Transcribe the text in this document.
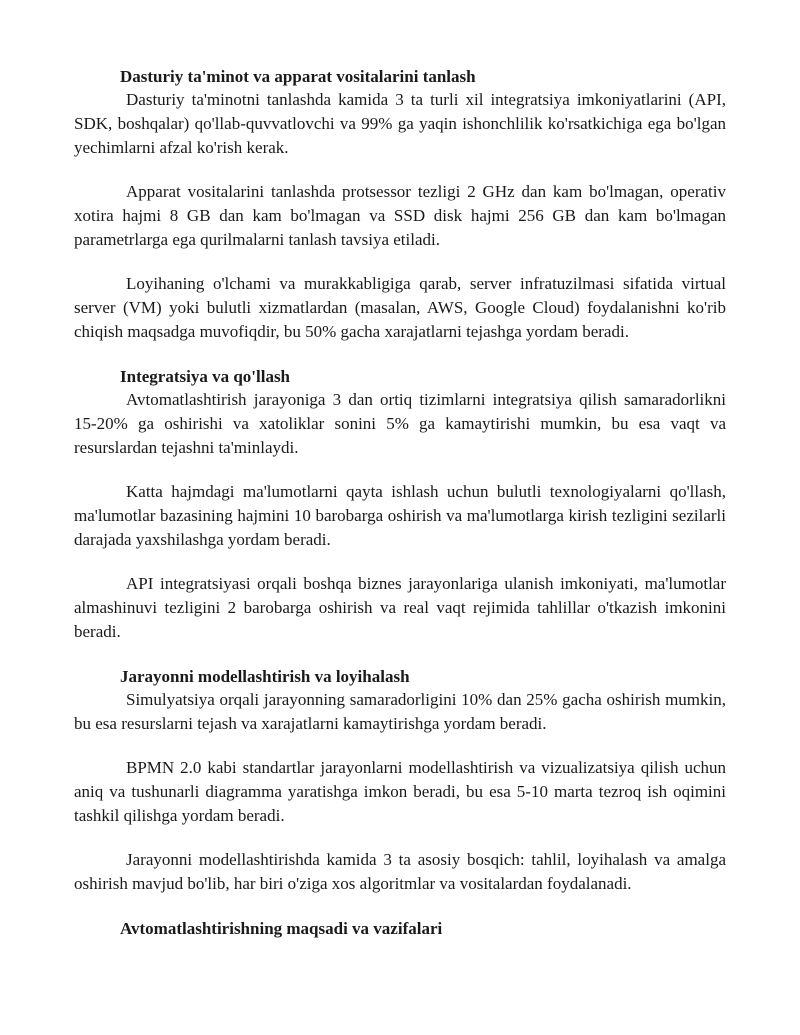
Dasturiy ta'minot va apparat vositalarini tanlash

Dasturiy ta'minotni tanlashda kamida 3 ta turli xil integratsiya imkoniyatlarini (API, SDK, boshqalar) qo'llab-quvvatlovchi va 99% ga yaqin ishonchlilik ko'rsatkichiga ega bo'lgan yechimlarni afzal ko'rish kerak.

Apparat vositalarini tanlashda protsessor tezligi 2 GHz dan kam bo'lmagan, operativ xotira hajmi 8 GB dan kam bo'lmagan va SSD disk hajmi 256 GB dan kam bo'lmagan parametrlarga ega qurilmalarni tanlash tavsiya etiladi.

Loyihaning o'lchami va murakkabligiga qarab, server infratuzilmasi sifatida virtual server (VM) yoki bulutli xizmatlardan (masalan, AWS, Google Cloud) foydalanishni ko'rib chiqish maqsadga muvofiqdir, bu 50% gacha xarajatlarni tejashga yordam beradi.

Integratsiya va qo'llash

Avtomatlashtirish jarayoniga 3 dan ortiq tizimlarni integratsiya qilish samaradorlikni 15-20% ga oshirishi va xatoliklar sonini 5% ga kamaytirishi mumkin, bu esa vaqt va resurslardan tejashni ta'minlaydi.

Katta hajmdagi ma'lumotlarni qayta ishlash uchun bulutli texnologiyalarni qo'llash, ma'lumotlar bazasining hajmini 10 barobarga oshirish va ma'lumotlarga kirish tezligini sezilarli darajada yaxshilashga yordam beradi.

API integratsiyasi orqali boshqa biznes jarayonlariga ulanish imkoniyati, ma'lumotlar almashinuvi tezligini 2 barobarga oshirish va real vaqt rejimida tahlillar o'tkazish imkonini beradi.

Jarayonni modellashtirish va loyihalash

Simulyatsiya orqali jarayonning samaradorligini 10% dan 25% gacha oshirish mumkin, bu esa resurslarni tejash va xarajatlarni kamaytirishga yordam beradi.

BPMN 2.0 kabi standartlar jarayonlarni modellashtirish va vizualizatsiya qilish uchun aniq va tushunarli diagramma yaratishga imkon beradi, bu esa 5-10 marta tezroq ish oqimini tashkil qilishga yordam beradi.

Jarayonni modellashtirishda kamida 3 ta asosiy bosqich: tahlil, loyihalash va amalga oshirish mavjud bo'lib, har biri o'ziga xos algoritmlar va vositalardan foydalanadi.

Avtomatlashtirishning maqsadi va vazifalari
